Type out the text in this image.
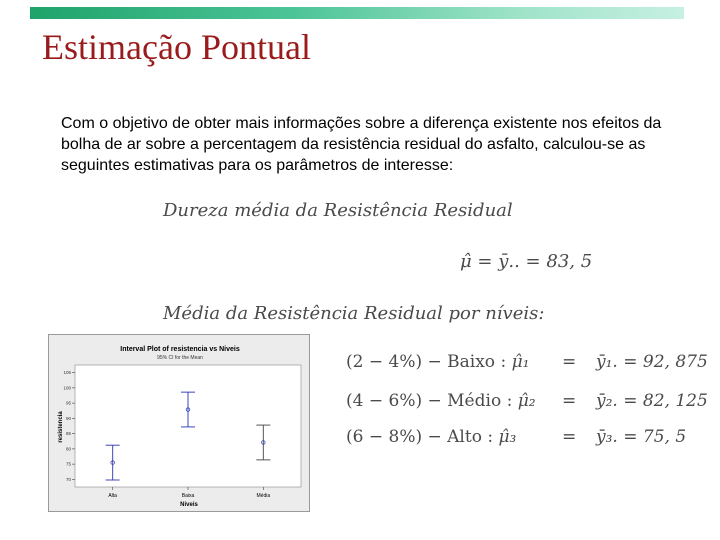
Estimação Pontual
Com o objetivo de obter mais informações sobre a diferença existente nos efeitos da bolha de ar sobre a percentagem da resistência residual do asfalto, calculou-se as seguintes estimativas para os parâmetros de interesse:
Dureza média da Resistência Residual
μ̂ = ȳ.. = 83, 5
Média da Resistência Residual por níveis:
(2 − 4%) − Baixo : μ̂₁ = ȳ₁. = 92, 875
(4 − 6%) − Médio : μ̂₂ = ȳ₂. = 82, 125
(6 − 8%) − Alto : μ̂₃	= ȳ₃. = 75, 5
Interval Plot of resistencia vs Niveis
95% CI for the Mean
Niveis
resistencia
70
75
80
85
90
95
100
105
Alta	Baixa	Média
